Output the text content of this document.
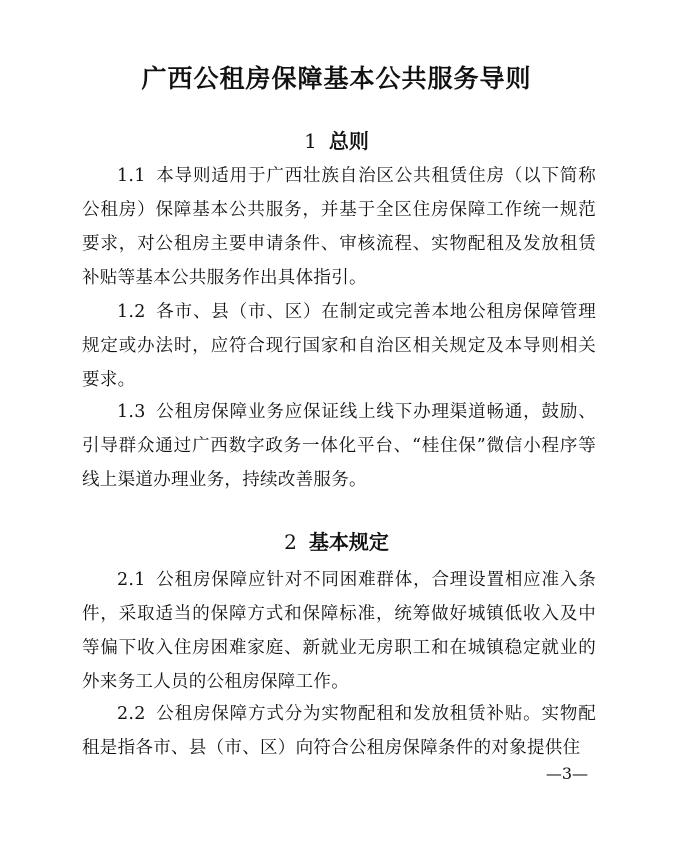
广西公租房保障基本公共服务导则
1 总则

1.1 本导则适用于广西壮族自治区公共租赁住房（以下简称公租房）保障基本公共服务，并基于全区住房保障工作统一规范要求，对公租房主要申请条件、审核流程、实物配租及发放租赁补贴等基本公共服务作出具体指引。

1.2 各市、县（市、区）在制定或完善本地公租房保障管理规定或办法时，应符合现行国家和自治区相关规定及本导则相关要求。

1.3 公租房保障业务应保证线上线下办理渠道畅通，鼓励、引导群众通过广西数字政务一体化平台、“桂住保”微信小程序等线上渠道办理业务，持续改善服务。

2 基本规定

2.1 公租房保障应针对不同困难群体，合理设置相应准入条件，采取适当的保障方式和保障标准，统筹做好城镇低收入及中等偏下收入住房困难家庭、新就业无房职工和在城镇稳定就业的外来务工人员的公租房保障工作。

2.2 公租房保障方式分为实物配租和发放租赁补贴。实物配租是指各市、县（市、区）向符合公租房保障条件的对象提供住

—3—
